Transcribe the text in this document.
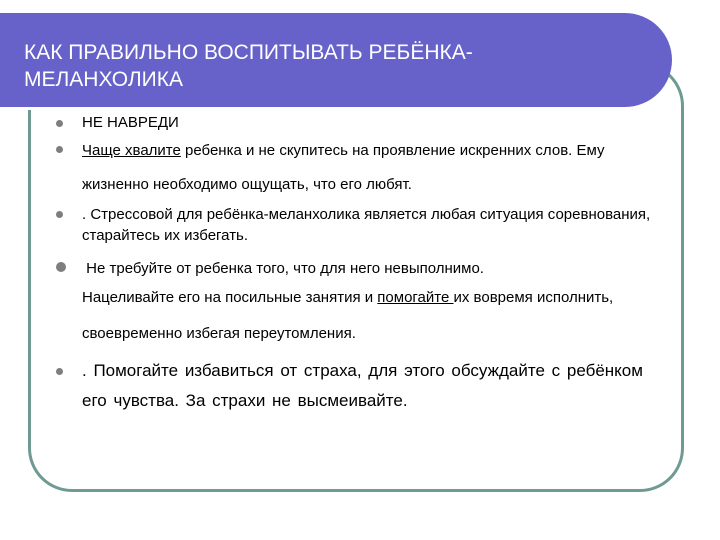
КАК ПРАВИЛЬНО ВОСПИТЫВАТЬ РЕБЁНКА-МЕЛАНХОЛИКА
НЕ НАВРЕДИ
Чаще хвалите ребенка и не скупитесь на проявление искренних слов. Ему жизненно необходимо ощущать, что его любят.
. Стрессовой для ребёнка-меланхолика является любая ситуация соревнования, старайтесь их избегать.
Не требуйте от ребенка того, что для него невыполнимо.
Нацеливайте его на посильные занятия и помогайте их вовремя исполнить, своевременно избегая переутомления.
. Помогайте избавиться от страха, для этого обсуждайте с ребёнком его чувства. За страхи не высмеивайте.
